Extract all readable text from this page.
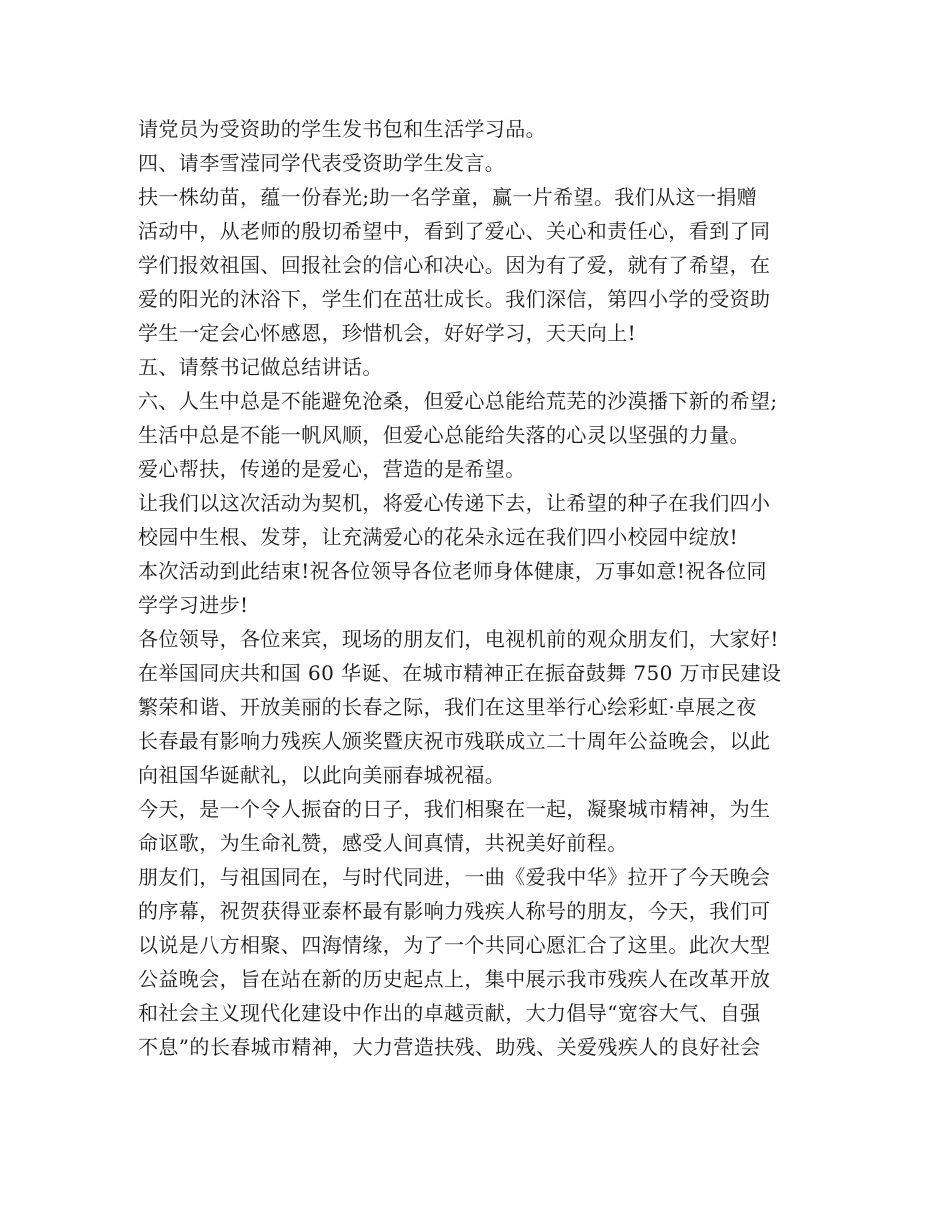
请党员为受资助的学生发书包和生活学习品。
四、请李雪滢同学代表受资助学生发言。
扶一株幼苗，蕴一份春光;助一名学童，赢一片希望。我们从这一捐赠
活动中，从老师的殷切希望中，看到了爱心、关心和责任心，看到了同
学们报效祖国、回报社会的信心和决心。因为有了爱，就有了希望，在
爱的阳光的沐浴下，学生们在茁壮成长。我们深信，第四小学的受资助
学生一定会心怀感恩，珍惜机会，好好学习，天天向上!
五、请蔡书记做总结讲话。
六、人生中总是不能避免沧桑，但爱心总能给荒芜的沙漠播下新的希望;
生活中总是不能一帆风顺，但爱心总能给失落的心灵以坚强的力量。
爱心帮扶，传递的是爱心，营造的是希望。
让我们以这次活动为契机，将爱心传递下去，让希望的种子在我们四小
校园中生根、发芽，让充满爱心的花朵永远在我们四小校园中绽放!
本次活动到此结束!祝各位领导各位老师身体健康，万事如意!祝各位同
学学习进步!
各位领导，各位来宾，现场的朋友们，电视机前的观众朋友们，大家好!
在举国同庆共和国 60 华诞、在城市精神正在振奋鼓舞 750 万市民建设
繁荣和谐、开放美丽的长春之际，我们在这里举行心绘彩虹·卓展之夜
长春最有影响力残疾人颁奖暨庆祝市残联成立二十周年公益晚会，以此
向祖国华诞献礼，以此向美丽春城祝福。
今天，是一个令人振奋的日子，我们相聚在一起，凝聚城市精神，为生
命讴歌，为生命礼赞，感受人间真情，共祝美好前程。
朋友们，与祖国同在，与时代同进，一曲《爱我中华》拉开了今天晚会
的序幕，祝贺获得亚泰杯最有影响力残疾人称号的朋友，今天，我们可
以说是八方相聚、四海情缘，为了一个共同心愿汇合了这里。此次大型
公益晚会，旨在站在新的历史起点上，集中展示我市残疾人在改革开放
和社会主义现代化建设中作出的卓越贡献，大力倡导“宽容大气、自强
不息”的长春城市精神，大力营造扶残、助残、关爱残疾人的良好社会
